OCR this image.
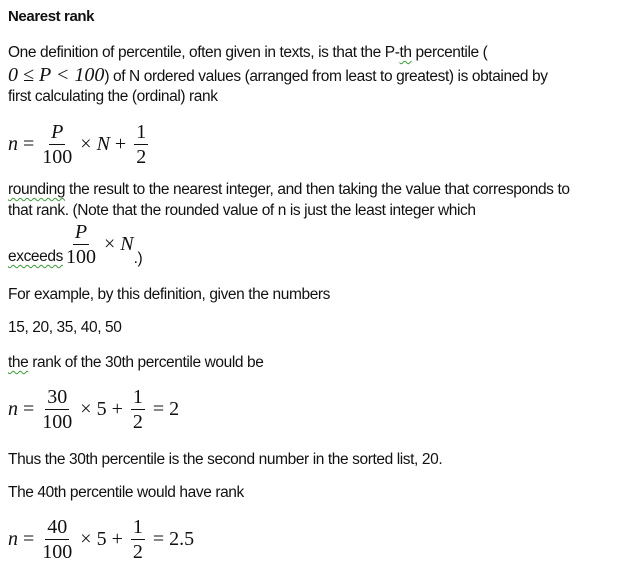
Nearest rank
One definition of percentile, often given in texts, is that the P-th percentile (
0 ≤ P < 100) of N ordered values (arranged from least to greatest) is obtained by
first calculating the (ordinal) rank
$n = \frac{P}{100} \times N + \frac{1}{2}$
rounding the result to the nearest integer, and then taking the value that corresponds to
that rank. (Note that the rounded value of n is just the least integer which
exceeds $\frac{P}{100} \times N$
.)
For example, by this definition, given the numbers
15, 20, 35, 40, 50
the rank of the 30th percentile would be
$n = \frac{30}{100} \times 5 + \frac{1}{2} = 2$
Thus the 30th percentile is the second number in the sorted list, 20.
The 40th percentile would have rank
$n = \frac{40}{100} \times 5 + \frac{1}{2} = 2.5$
